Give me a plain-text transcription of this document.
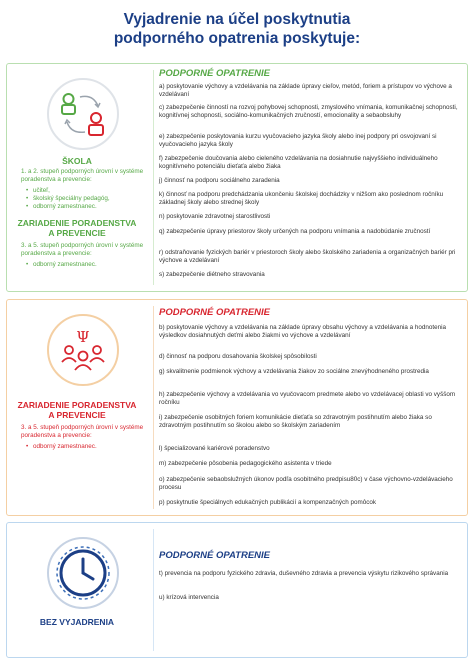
Vyjadrenie na účel poskytnutia
podporného opatrenia poskytuje:
ŠKOLA
1. a 2. stupeň podporných úrovní v systéme poradenstva a prevencie:
• učiteľ,
• školský špeciálny pedagóg,
• odborný zamestnanec.
ZARIADENIE PORADENSTVA
A PREVENCIE
3. a 5. stupeň podporných úrovní v systéme poradenstva a prevencie:
• odborný zamestnanec.
PODPORNÉ OPATRENIE

a) poskytovanie výchovy a vzdelávania na základe úpravy cieľov, metód, foriem a prístupov vo výchove a vzdelávaní

c) zabezpečenie činností na rozvoj pohybovej schopnosti, zmyslového vnímania, komunikačnej schopnosti, kognitívnej schopnosti, sociálno-komunikačných zručností, emocionality a sebaobsluhy

e) zabezpečenie poskytovania kurzu vyučovacieho jazyka školy alebo inej podpory pri osvojovaní si vyučovacieho jazyka školy

f) zabezpečenie doučovania alebo cieleného vzdelávania na dosiahnutie najvyššieho individuálneho kognitívneho potenciálu dieťaťa alebo žiaka

j) činnosť na podporu sociálneho zaradenia

k) činnosť na podporu predchádzania ukončeniu školskej dochádzky v nižšom ako poslednom ročníku základnej školy alebo strednej školy

n) poskytovanie zdravotnej starostlivosti

q) zabezpečenie úpravy priestorov školy určených na podporu vnímania a nadobúdanie zručností

r) odstraňovanie fyzických bariér v priestoroch školy alebo školského zariadenia a organizačných bariér pri výchove a vzdelávaní

s) zabezpečenie diétneho stravovania

Ψ
ZARIADENIE PORADENSTVA
A PREVENCIE
3. a 5. stupeň podporných úrovní v systéme poradenstva a prevencie:
• odborný zamestnanec.
PODPORNÉ OPATRENIE

b) poskytovanie výchovy a vzdelávania na základe úpravy obsahu výchovy a vzdelávania a hodnotenia výsledkov dosiahnutých deťmi alebo žiakmi vo výchove a vzdelávaní

d) činnosť na podporu dosahovania školskej spôsobilosti

g) skvalitnenie podmienok výchovy a vzdelávania žiakov zo sociálne znevýhodneného prostredia

h) zabezpečenie výchovy a vzdelávania vo vyučovacom predmete alebo vo vzdelávacej oblasti vo vyššom ročníku

i) zabezpečenie osobitných foriem komunikácie dieťaťa so zdravotným postihnutím alebo žiaka so zdravotným postihnutím so školou alebo so školským zariadením

l) špecializované kariérové poradenstvo

m) zabezpečenie pôsobenia pedagogického asistenta v triede

o) zabezpečenie sebaobslužných úkonov podľa osobitného predpisu80c) v čase výchovno-vzdelávacieho procesu

p) poskytnutie špeciálnych edukačných publikácií a kompenzačných pomôcok

BEZ VYJADRENIA
PODPORNÉ OPATRENIE

t) prevencia na podporu fyzického zdravia, duševného zdravia a prevencia výskytu rizikového správania

u) krízová intervencia
